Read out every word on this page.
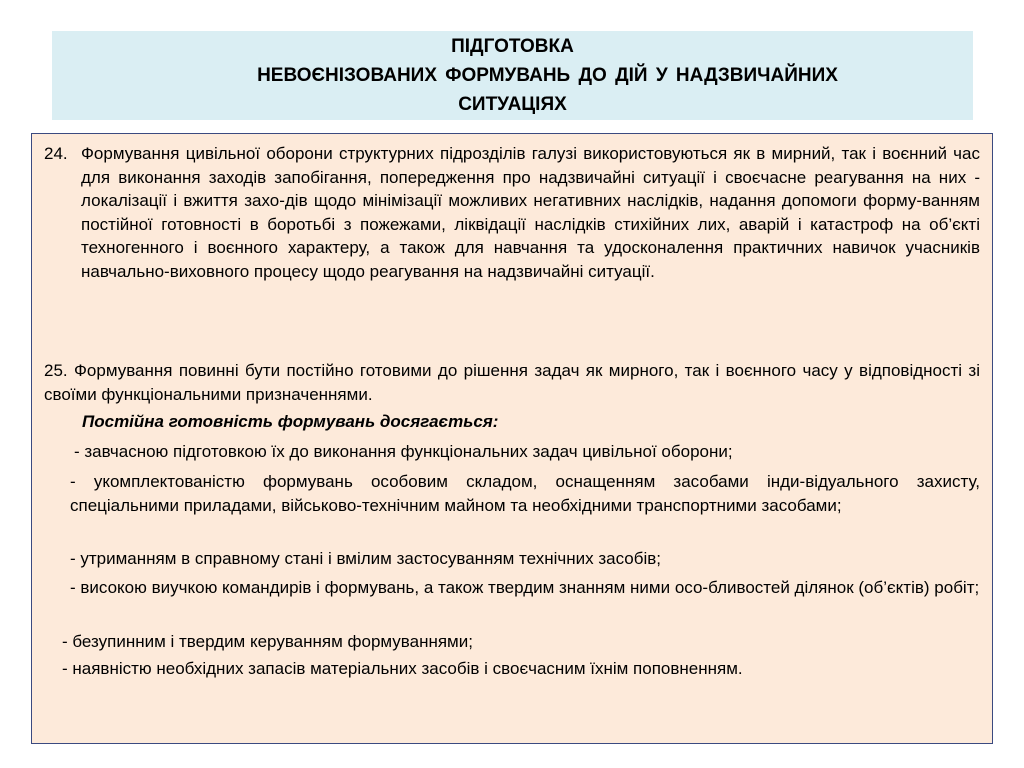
ПІДГОТОВКА
НЕВОЄНІЗОВАНИХ ФОРМУВАНЬ ДО ДІЙ У НАДЗВИЧАЙНИХ
СИТУАЦІЯХ
24. Формування цивільної оборони структурних підрозділів галузі використовуються як в мирний, так і воєнний час для виконання заходів запобігання, попередження про надзвичайні ситуації і своєчасне реагування на них - локалізації і вжиття захо-дів щодо мінімізації можливих негативних наслідків, надання допомоги форму-ванням постійної готовності в боротьбі з пожежами, ліквідації наслідків стихійних лих, аварій і катастроф на об’єкті техногенного і воєнного характеру, а також для навчання та удосконалення практичних навичок учасників навчально-виховного процесу щодо реагування на надзвичайні ситуації.
25. Формування повинні бути постійно готовими до рішення задач як мирного, так і воєнного часу у відповідності зі своїми функціональними призначеннями.
Постійна готовність формувань досягається:
- завчасною підготовкою їх до виконання функціональних задач цивільної оборони;
- укомплектованістю формувань особовим складом, оснащенням засобами інди-відуального захисту, спеціальними приладами, військово-технічним майном та необхідними транспортними засобами;
- утриманням в справному стані і вмілим застосуванням технічних засобів;
- високою виучкою командирів і формувань, а також твердим знанням ними осо-бливостей ділянок (об’єктів) робіт;
- безупинним і твердим керуванням формуваннями;
- наявністю необхідних запасів матеріальних засобів і своєчасним їхнім поповненням.
